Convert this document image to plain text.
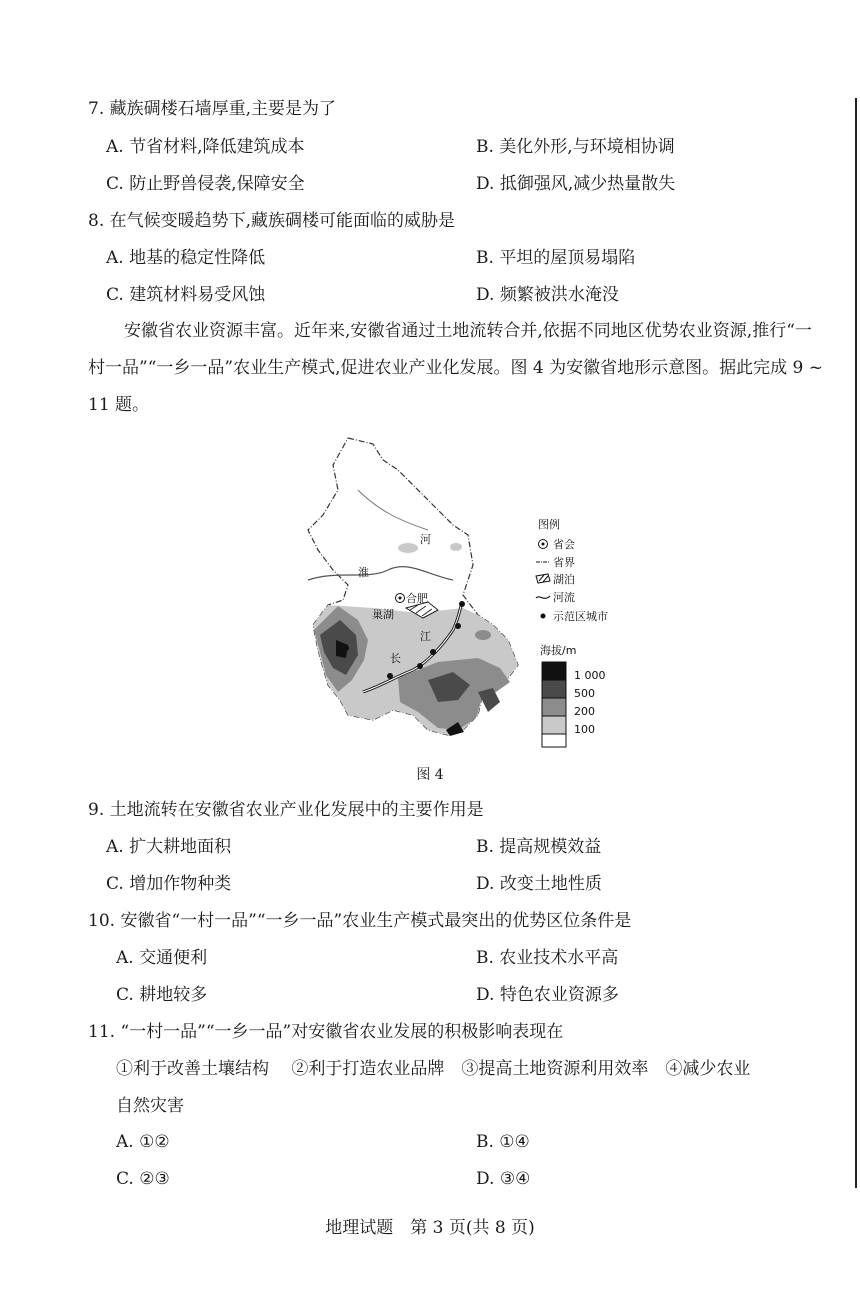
7. 藏族碉楼石墙厚重,主要是为了
A. 节省材料,降低建筑成本	B. 美化外形,与环境相协调
C. 防止野兽侵袭,保障安全	D. 抵御强风,减少热量散失
8. 在气候变暖趋势下,藏族碉楼可能面临的威胁是
A. 地基的稳定性降低	B. 平坦的屋顶易塌陷
C. 建筑材料易受风蚀	D. 频繁被洪水淹没
安徽省农业资源丰富。近年来,安徽省通过土地流转合并,依据不同地区优势农业资源,推行“一村一品”“一乡一品”农业生产模式,促进农业产业化发展。图 4 为安徽省地形示意图。据此完成 9 ~ 11 题。
河
淮
合肥
巢湖
江
长
图例
省会
省界
湖泊
河流
示范区城市
海拔/m
1 000
500
200
100
图 4
9. 土地流转在安徽省农业产业化发展中的主要作用是
A. 扩大耕地面积	B. 提高规模效益
C. 增加作物种类	D. 改变土地性质
10. 安徽省“一村一品”“一乡一品”农业生产模式最突出的优势区位条件是
A. 交通便利	B. 农业技术水平高
C. 耕地较多	D. 特色农业资源多
11. “一村一品”“一乡一品”对安徽省农业发展的积极影响表现在
①利于改善土壤结构　 ②利于打造农业品牌　③提高土地资源利用效率　④减少农业
自然灾害
A. ①②	B. ①④
C. ②③	D. ③④
地理试题　第 3 页(共 8 页)
